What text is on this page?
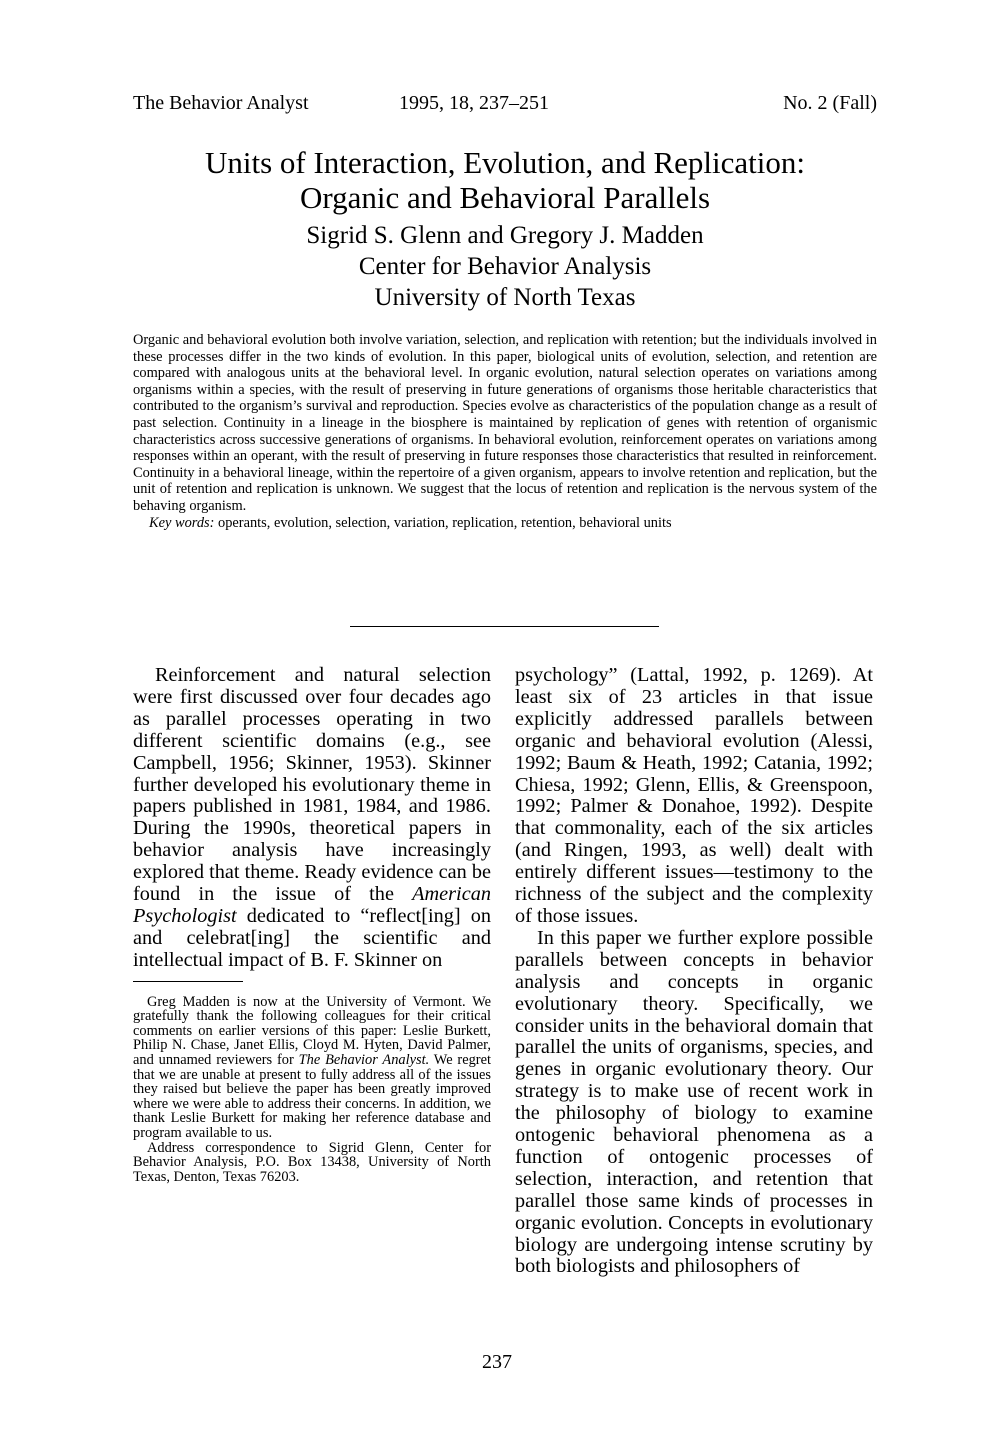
The Behavior Analyst	1995, 18, 237–251	No. 2 (Fall)
Units of Interaction, Evolution, and Replication:
Organic and Behavioral Parallels
Sigrid S. Glenn and Gregory J. Madden
Center for Behavior Analysis
University of North Texas

Organic and behavioral evolution both involve variation, selection, and replication with retention; but the individuals involved in these processes differ in the two kinds of evolution. In this paper, biological units of evolution, selection, and retention are compared with analogous units at the behavioral level. In organic evolution, natural selection operates on variations among organisms within a species, with the result of preserving in future generations of organisms those heritable characteristics that contributed to the organism’s survival and reproduction. Species evolve as characteristics of the population change as a result of past selection. Continuity in a lineage in the biosphere is maintained by replication of genes with retention of organismic characteristics across successive generations of organisms. In behavioral evolution, reinforcement operates on variations among responses within an operant, with the result of preserving in future responses those characteristics that resulted in reinforcement. Continuity in a behavioral lineage, within the repertoire of a given organism, appears to involve retention and replication, but the unit of retention and replication is unknown. We suggest that the locus of retention and replication is the nervous system of the behaving organism.

Key words: operants, evolution, selection, variation, replication, retention, behavioral units

Reinforcement and natural selection were first discussed over four decades ago as parallel processes operating in two different scientific domains (e.g., see Campbell, 1956; Skinner, 1953). Skinner further developed his evolutionary theme in papers published in 1981, 1984, and 1986. During the 1990s, theoretical papers in behavior analysis have increasingly explored that theme. Ready evidence can be found in the issue of the American Psychologist dedicated to “reflect[ing] on and celebrat[ing] the scientific and intellectual impact of B. F. Skinner on

Greg Madden is now at the University of Vermont. We gratefully thank the following colleagues for their critical comments on earlier versions of this paper: Leslie Burkett, Philip N. Chase, Janet Ellis, Cloyd M. Hyten, David Palmer, and unnamed reviewers for The Behavior Analyst. We regret that we are unable at present to fully address all of the issues they raised but believe the paper has been greatly improved where we were able to address their concerns. In addition, we thank Leslie Burkett for making her reference database and program available to us.

Address correspondence to Sigrid Glenn, Center for Behavior Analysis, P.O. Box 13438, University of North Texas, Denton, Texas 76203.

psychology” (Lattal, 1992, p. 1269). At least six of 23 articles in that issue explicitly addressed parallels between organic and behavioral evolution (Alessi, 1992; Baum & Heath, 1992; Catania, 1992; Chiesa, 1992; Glenn, Ellis, & Greenspoon, 1992; Palmer & Donahoe, 1992). Despite that commonality, each of the six articles (and Ringen, 1993, as well) dealt with entirely different issues—testimony to the richness of the subject and the complexity of those issues.

In this paper we further explore possible parallels between concepts in behavior analysis and concepts in organic evolutionary theory. Specifically, we consider units in the behavioral domain that parallel the units of organisms, species, and genes in organic evolutionary theory. Our strategy is to make use of recent work in the philosophy of biology to examine ontogenic behavioral phenomena as a function of ontogenic processes of selection, interaction, and retention that parallel those same kinds of processes in organic evolution. Concepts in evolutionary biology are undergoing intense scrutiny by both biologists and philosophers of

237
